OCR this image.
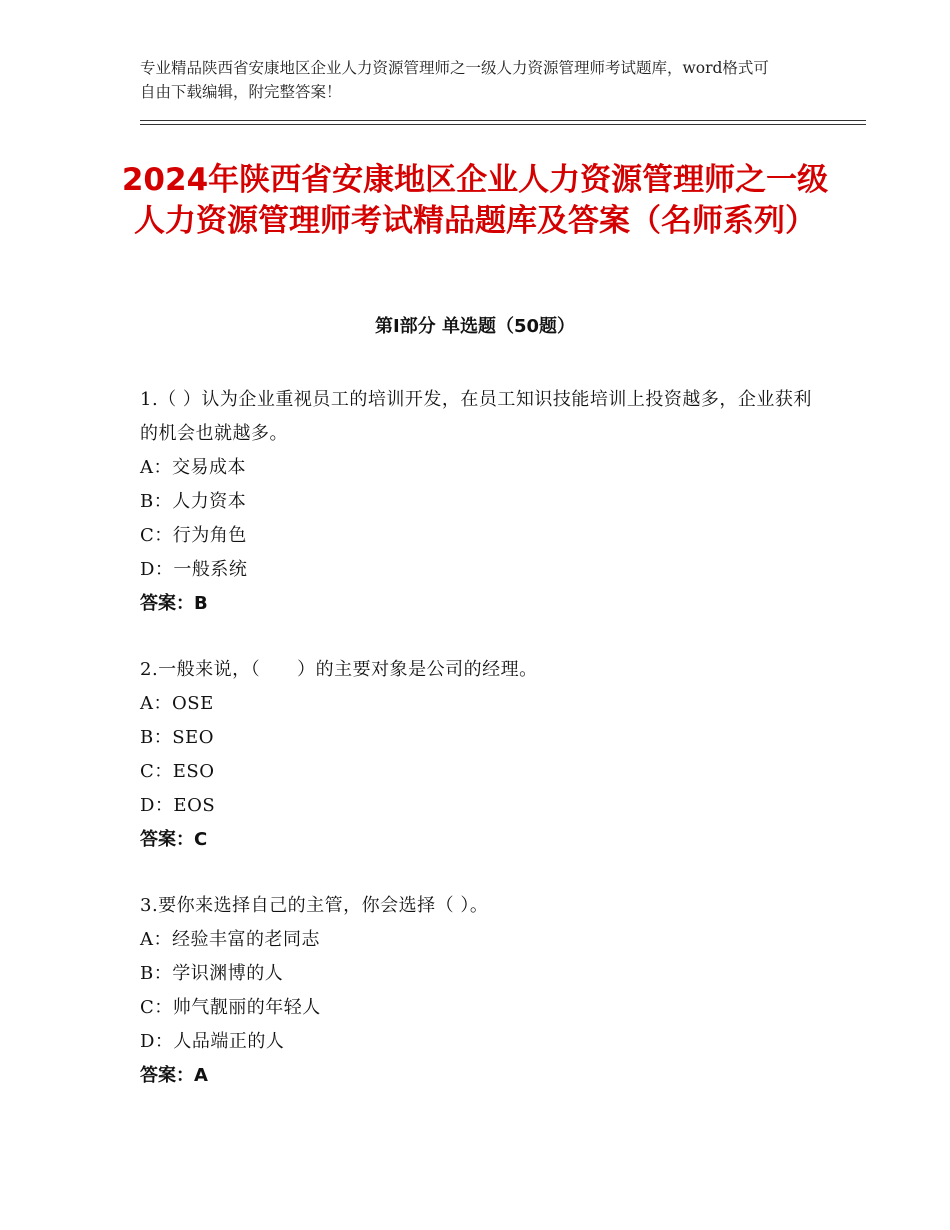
专业精品陕西省安康地区企业人力资源管理师之一级人力资源管理师考试题库，word格式可自由下载编辑，附完整答案！
2024年陕西省安康地区企业人力资源管理师之一级人力资源管理师考试精品题库及答案（名师系列）
第Ⅰ部分 单选题（50题）
1.（ ）认为企业重视员工的培训开发，在员工知识技能培训上投资越多，企业获利的机会也就越多。
A：交易成本
B：人力资本
C：行为角色
D：一般系统
答案：B
2.一般来说，（　　）的主要对象是公司的经理。
A：OSE
B：SEO
C：ESO
D：EOS
答案：C
3.要你来选择自己的主管，你会选择（ ）。
A：经验丰富的老同志
B：学识渊博的人
C：帅气靓丽的年轻人
D：人品端正的人
答案：A
